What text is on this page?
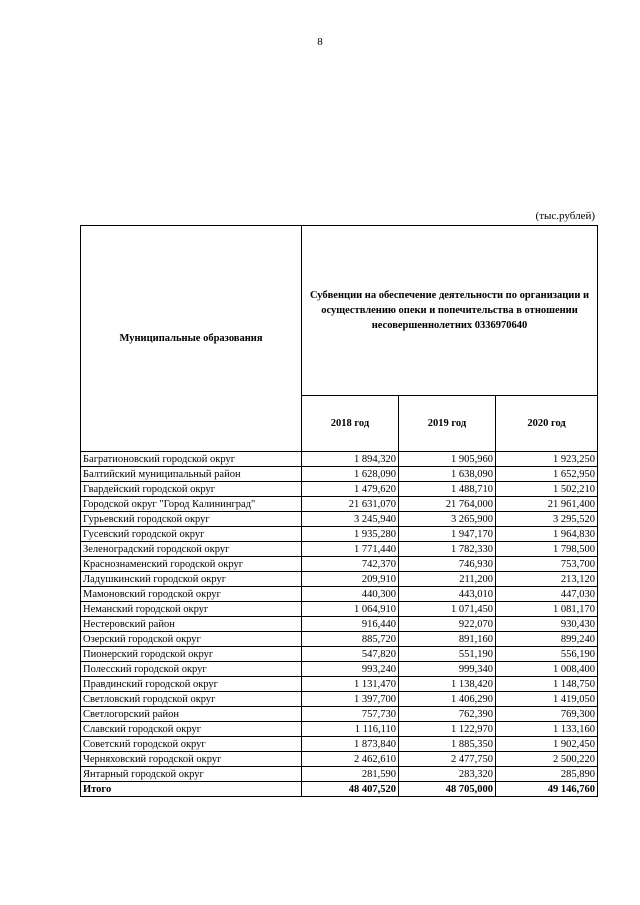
8
(тыс.рублей)
Муниципальные образования	Субвенции на обеспечение деятельности по организации и осуществлению опеки и попечительства в отношении несовершеннолетних 0336970640		
	2018 год	2019 год	2020 год
Багратионовский городской округ	1 894,320	1 905,960	1 923,250
Балтийский муниципальный район	1 628,090	1 638,090	1 652,950
Гвардейский городской округ	1 479,620	1 488,710	1 502,210
Городской округ "Город Калининград"	21 631,070	21 764,000	21 961,400
Гурьевский городской округ	3 245,940	3 265,900	3 295,520
Гусевский городской округ	1 935,280	1 947,170	1 964,830
Зеленоградский городской округ	1 771,440	1 782,330	1 798,500
Краснознаменский городской округ	742,370	746,930	753,700
Ладушкинский городской округ	209,910	211,200	213,120
Мамоновский городской округ	440,300	443,010	447,030
Неманский городской округ	1 064,910	1 071,450	1 081,170
Нестеровский район	916,440	922,070	930,430
Озерский городской округ	885,720	891,160	899,240
Пионерский городской округ	547,820	551,190	556,190
Полесский городской округ	993,240	999,340	1 008,400
Правдинский городской округ	1 131,470	1 138,420	1 148,750
Светловский городской округ	1 397,700	1 406,290	1 419,050
Светлогорский район	757,730	762,390	769,300
Славский городской округ	1 116,110	1 122,970	1 133,160
Советский городской округ	1 873,840	1 885,350	1 902,450
Черняховский городской округ	2 462,610	2 477,750	2 500,220
Янтарный городской округ	281,590	283,320	285,890
Итого	48 407,520	48 705,000	49 146,760
